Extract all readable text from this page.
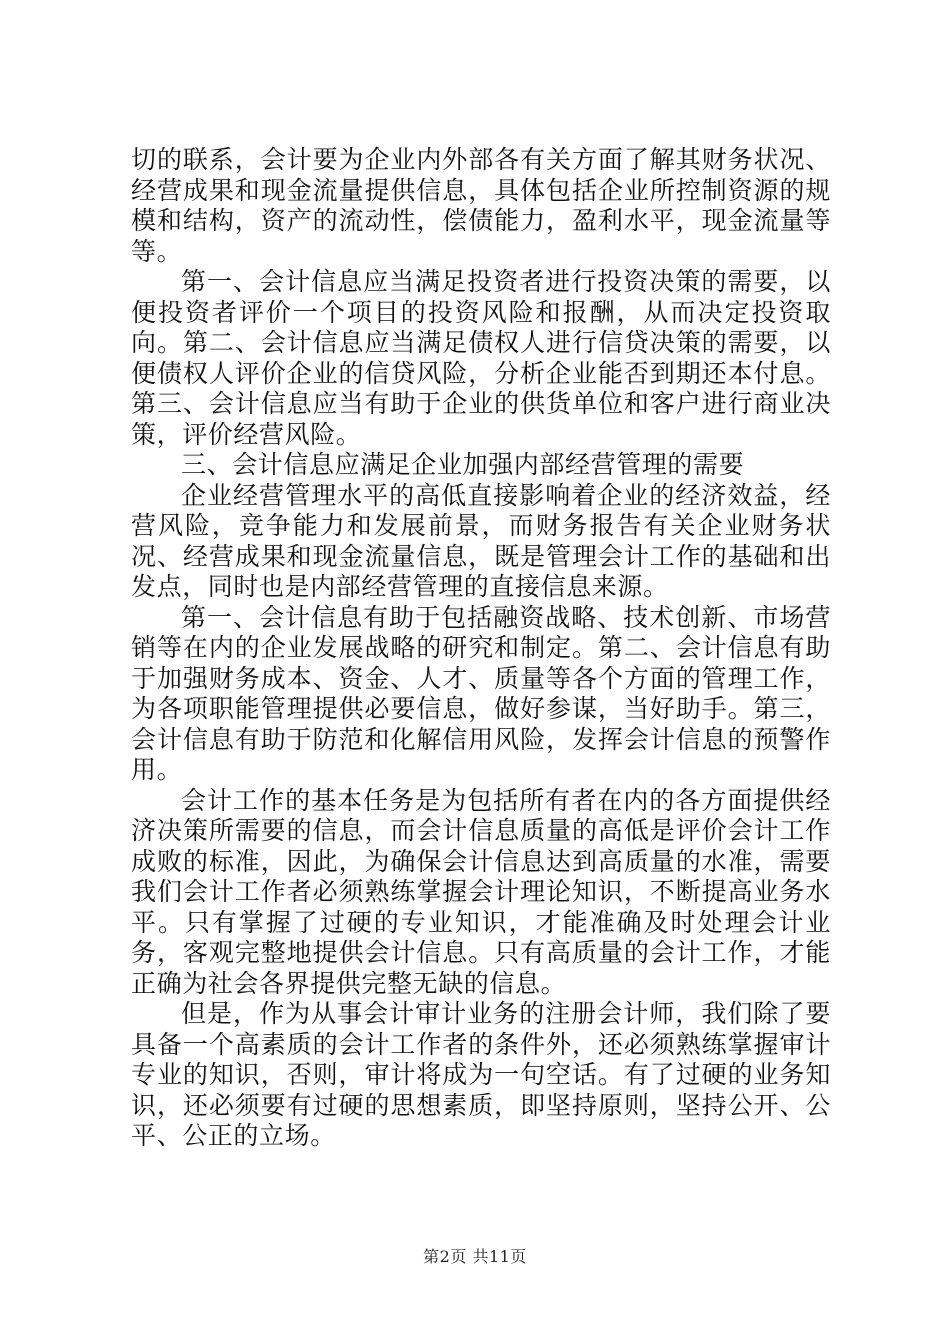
切的联系，会计要为企业内外部各有关方面了解其财务状况、经营成果和现金流量提供信息，具体包括企业所控制资源的规模和结构，资产的流动性，偿债能力，盈利水平，现金流量等等。

第一、会计信息应当满足投资者进行投资决策的需要，以便投资者评价一个项目的投资风险和报酬，从而决定投资取向。第二、会计信息应当满足债权人进行信贷决策的需要，以便债权人评价企业的信贷风险，分析企业能否到期还本付息。第三、会计信息应当有助于企业的供货单位和客户进行商业决策，评价经营风险。

三、会计信息应满足企业加强内部经营管理的需要

企业经营管理水平的高低直接影响着企业的经济效益，经营风险，竞争能力和发展前景，而财务报告有关企业财务状况、经营成果和现金流量信息，既是管理会计工作的基础和出发点，同时也是内部经营管理的直接信息来源。

第一、会计信息有助于包括融资战略、技术创新、市场营销等在内的企业发展战略的研究和制定。第二、会计信息有助于加强财务成本、资金、人才、质量等各个方面的管理工作，为各项职能管理提供必要信息，做好参谋，当好助手。第三，会计信息有助于防范和化解信用风险，发挥会计信息的预警作用。

会计工作的基本任务是为包括所有者在内的各方面提供经济决策所需要的信息，而会计信息质量的高低是评价会计工作成败的标准，因此，为确保会计信息达到高质量的水准，需要我们会计工作者必须熟练掌握会计理论知识，不断提高业务水平。只有掌握了过硬的专业知识，才能准确及时处理会计业务，客观完整地提供会计信息。只有高质量的会计工作，才能正确为社会各界提供完整无缺的信息。

但是，作为从事会计审计业务的注册会计师，我们除了要具备一个高素质的会计工作者的条件外，还必须熟练掌握审计专业的知识，否则，审计将成为一句空话。有了过硬的业务知识，还必须要有过硬的思想素质，即坚持原则，坚持公开、公平、公正的立场。

第2页 共11页
